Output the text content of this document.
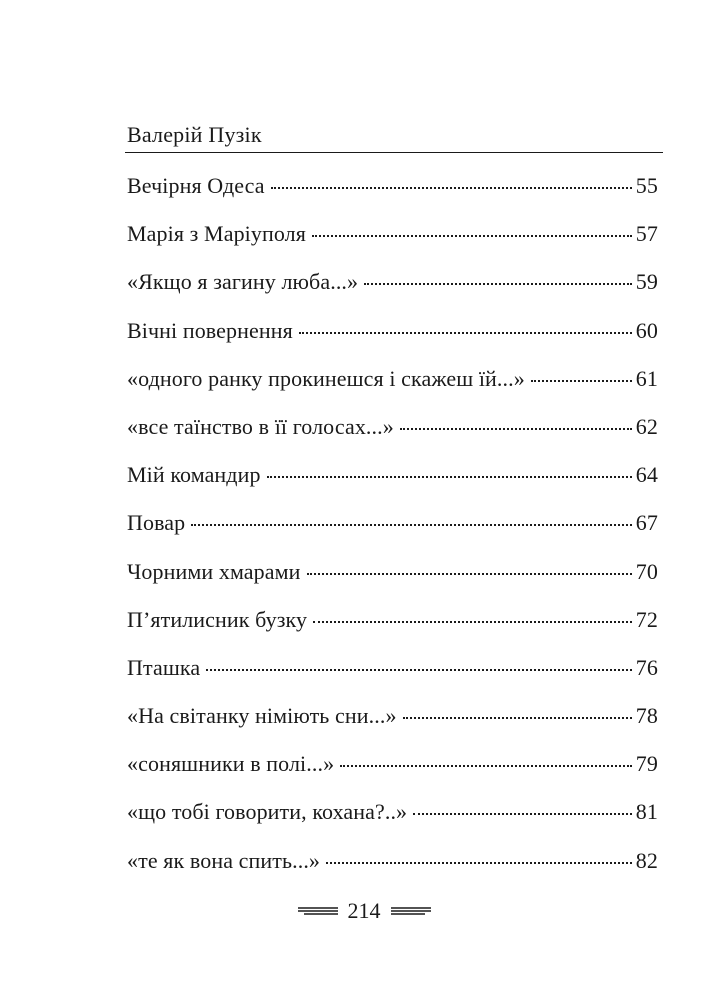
Валерій Пузік
Вечірня Одеса	55
Марія з Маріуполя	57
«Якщо я загину люба...»	59
Вічні повернення	60
«одного ранку прокинешся і скажеш їй...»	61
«все таїнство в її голосах...»	62
Мій командир	64
Повар	67
Чорними хмарами	70
П’ятилисник бузку	72
Пташка	76
«На світанку німіють сни...»	78
«соняшники в полі...»	79
«що тобі говорити, кохана?..»	81
«те як вона спить...»	82
214
